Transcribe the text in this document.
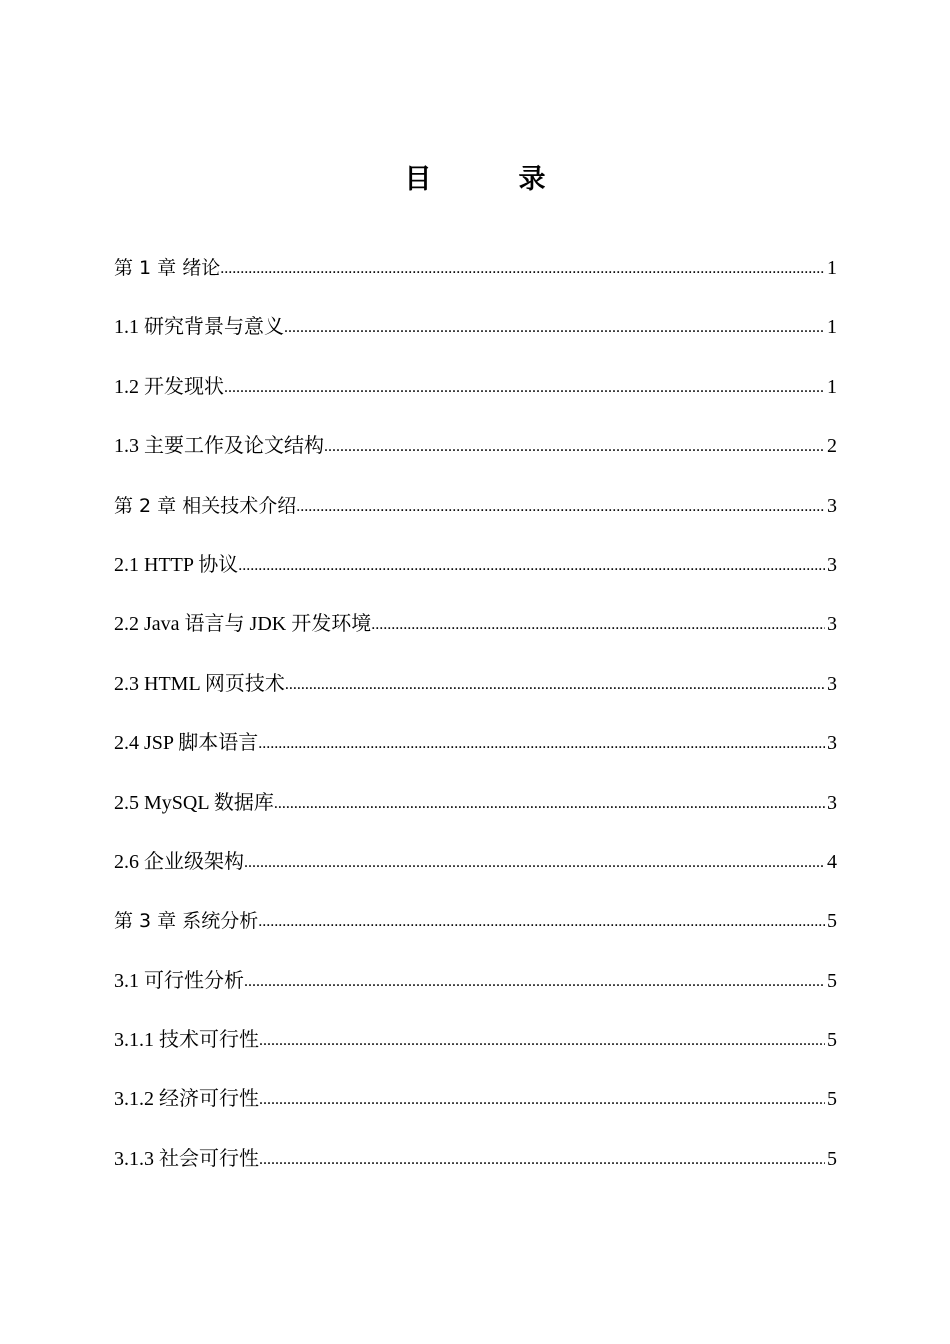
目　录
第 1 章 绪论 .....	1
1.1 研究背景与意义 .....	1
1.2 开发现状 .....	1
1.3 主要工作及论文结构 .....	2
第 2 章 相关技术介绍 .....	3
2.1 HTTP 协议 .....	3
2.2 Java 语言与 JDK 开发环境 .....	3
2.3 HTML 网页技术 .....	3
2.4 JSP 脚本语言 .....	3
2.5 MySQL 数据库 .....	3
2.6 企业级架构 .....	4
第 3 章 系统分析 .....	5
3.1 可行性分析 .....	5
3.1.1 技术可行性 .....	5
3.1.2 经济可行性 .....	5
3.1.3 社会可行性 .....	5
